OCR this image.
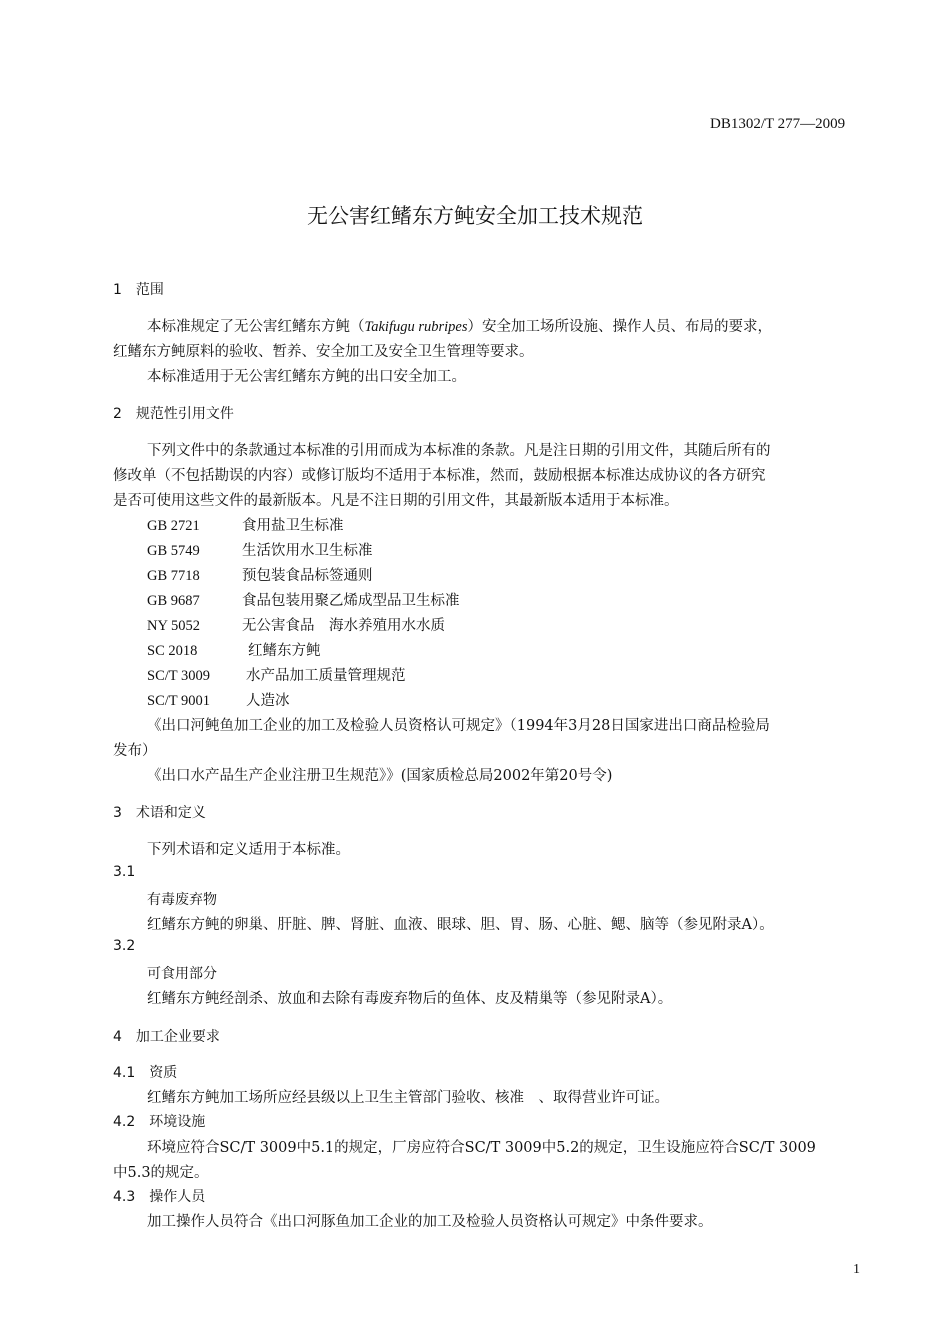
DB1302/T 277—2009
无公害红鳍东方鲀安全加工技术规范
1　范围
本标准规定了无公害红鳍东方鲀（Takifugu rubripes）安全加工场所设施、操作人员、布局的要求，
红鳍东方鲀原料的验收、暂养、安全加工及安全卫生管理等要求。
本标准适用于无公害红鳍东方鲀的出口安全加工。
2　规范性引用文件
下列文件中的条款通过本标准的引用而成为本标准的条款。凡是注日期的引用文件，其随后所有的
修改单（不包括勘误的内容）或修订版均不适用于本标准，然而，鼓励根据本标准达成协议的各方研究
是否可使用这些文件的最新版本。凡是不注日期的引用文件，其最新版本适用于本标准。
GB 2721	食用盐卫生标准
GB 5749	生活饮用水卫生标准
GB 7718	预包装食品标签通则
GB 9687	食品包装用聚乙烯成型品卫生标准
NY 5052	无公害食品　海水养殖用水水质
SC 2018	红鳍东方鲀
SC/T 3009 水产品加工质量管理规范
SC/T 9001 人造冰
《出口河鲀鱼加工企业的加工及检验人员资格认可规定》（1994年3月28日国家进出口商品检验局
发布）
《出口水产品生产企业注册卫生规范》》(国家质检总局2002年第20号令)
3　术语和定义
下列术语和定义适用于本标准。
3.1
有毒废弃物
红鳍东方鲀的卵巢、肝脏、脾、肾脏、血液、眼球、胆、胃、肠、心脏、鳃、脑等（参见附录A）。
3.2
可食用部分
红鳍东方鲀经剖杀、放血和去除有毒废弃物后的鱼体、皮及精巢等（参见附录A）。
4　加工企业要求
4.1　资质
红鳍东方鲀加工场所应经县级以上卫生主管部门验收、核准　、取得营业许可证。
4.2　环境设施
环境应符合SC/T 3009中5.1的规定，厂房应符合SC/T 3009中5.2的规定，卫生设施应符合SC/T 3009
中5.3的规定。
4.3　操作人员
加工操作人员符合《出口河豚鱼加工企业的加工及检验人员资格认可规定》中条件要求。
1
